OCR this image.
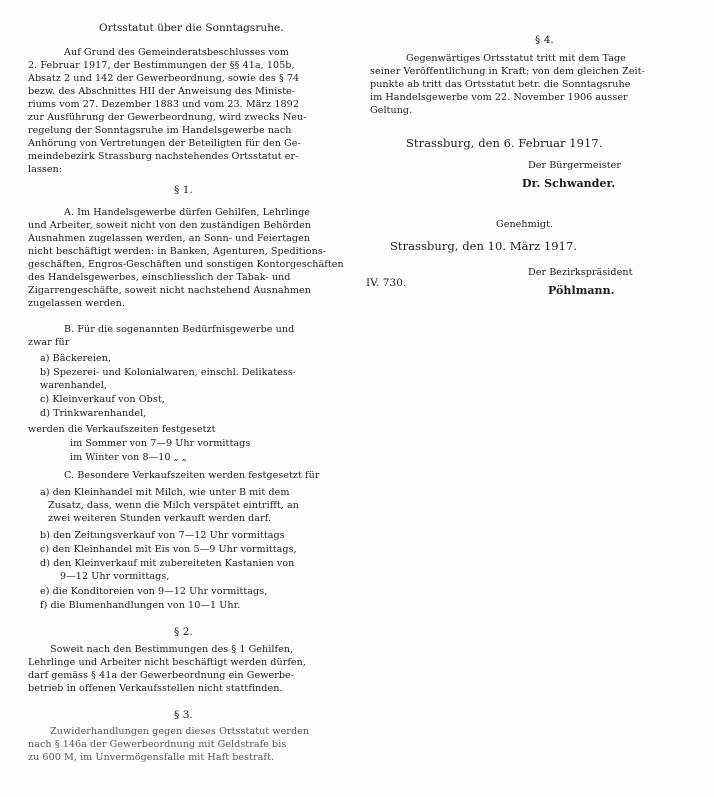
Ortsstatut über die Sonntagsruhe.
Auf Grund des Gemeinderatsbeschlusses vom
2. Februar 1917, der Bestimmungen der §§ 41a, 105b,
Absatz 2 und 142 der Gewerbeordnung, sowie des § 74
bezw. des Abschnittes HII der Anweisung des Ministe-
riums vom 27. Dezember 1883 und vom 23. März 1892
zur Ausführung der Gewerbeordnung, wird zwecks Neu-
regelung der Sonntagsruhe im Handelsgewerbe nach
Anhörung von Vertretungen der Beteiligten für den Ge-
meindebezirk Strassburg nachstehendes Ortsstatut er-
lassen:
§ 1.
A. Im Handelsgewerbe dürfen Gehilfen, Lehrlinge
und Arbeiter, soweit nicht von den zuständigen Behörden
Ausnahmen zugelassen werden, an Sonn- und Feiertagen
nicht beschäftigt werden: in Banken, Agenturen, Speditions-
geschäften, Engros-Geschäften und sonstigen Kontorgeschäften
des Handelsgewerbes, einschliesslich der Tabak- und
Zigarrengeschäfte, soweit nicht nachstehend Ausnahmen
zugelassen werden.
B. Für die sogenannten Bedürfnisgewerbe und
zwar für
a) Bäckereien,
b) Spezerei- und Kolonialwaren, einschl. Delikatess-
warenhandel,
c) Kleinverkauf von Obst,
d) Trinkwarenhandel,
werden die Verkaufszeiten festgesetzt
im Sommer von 7—9 Uhr vormittags
im Winter von 8—10 „ „
C. Besondere Verkaufszeiten werden festgesetzt für
a) den Kleinhandel mit Milch, wie unter B mit dem
Zusatz, dass, wenn die Milch verspätet eintrifft, an
zwei weiteren Stunden verkauft werden darf.
b) den Zeitungsverkauf von 7—12 Uhr vormittags
c) den Kleinhandel mit Eis von 5—9 Uhr vormittags,
d) den Kleinverkauf mit zubereiteten Kastanien von
9—12 Uhr vormittags,
e) die Konditoreien von 9—12 Uhr vormittags,
f) die Blumenhandlungen von 10—1 Uhr.
§ 2.
Soweit nach den Bestimmungen des § 1 Gehilfen,
Lehrlinge und Arbeiter nicht beschäftigt werden dürfen,
darf gemäss § 41a der Gewerbeordnung ein Gewerbe-
betrieb in offenen Verkaufsstellen nicht stattfinden.
§ 3.
Zuwiderhandlungen gegen dieses Ortsstatut werden
nach § 146a der Gewerbeordnung mit Geldstrafe bis
zu 600 M, im Unvermögensfalle mit Haft bestraft.
§ 4.
Gegenwärtiges Ortsstatut tritt mit dem Tage
seiner Veröffentlichung in Kraft; von dem gleichen Zeit-
punkte ab tritt das Ortsstatut betr. die Sonntagsruhe
im Handelsgewerbe vom 22. November 1906 ausser
Geltung.
Strassburg, den 6. Februar 1917.
Der Bürgermeister
Dr. Schwander.
Genehmigt.
Strassburg, den 10. März 1917.
IV. 730.
Der Bezirkspräsident
Pöhlmann.
